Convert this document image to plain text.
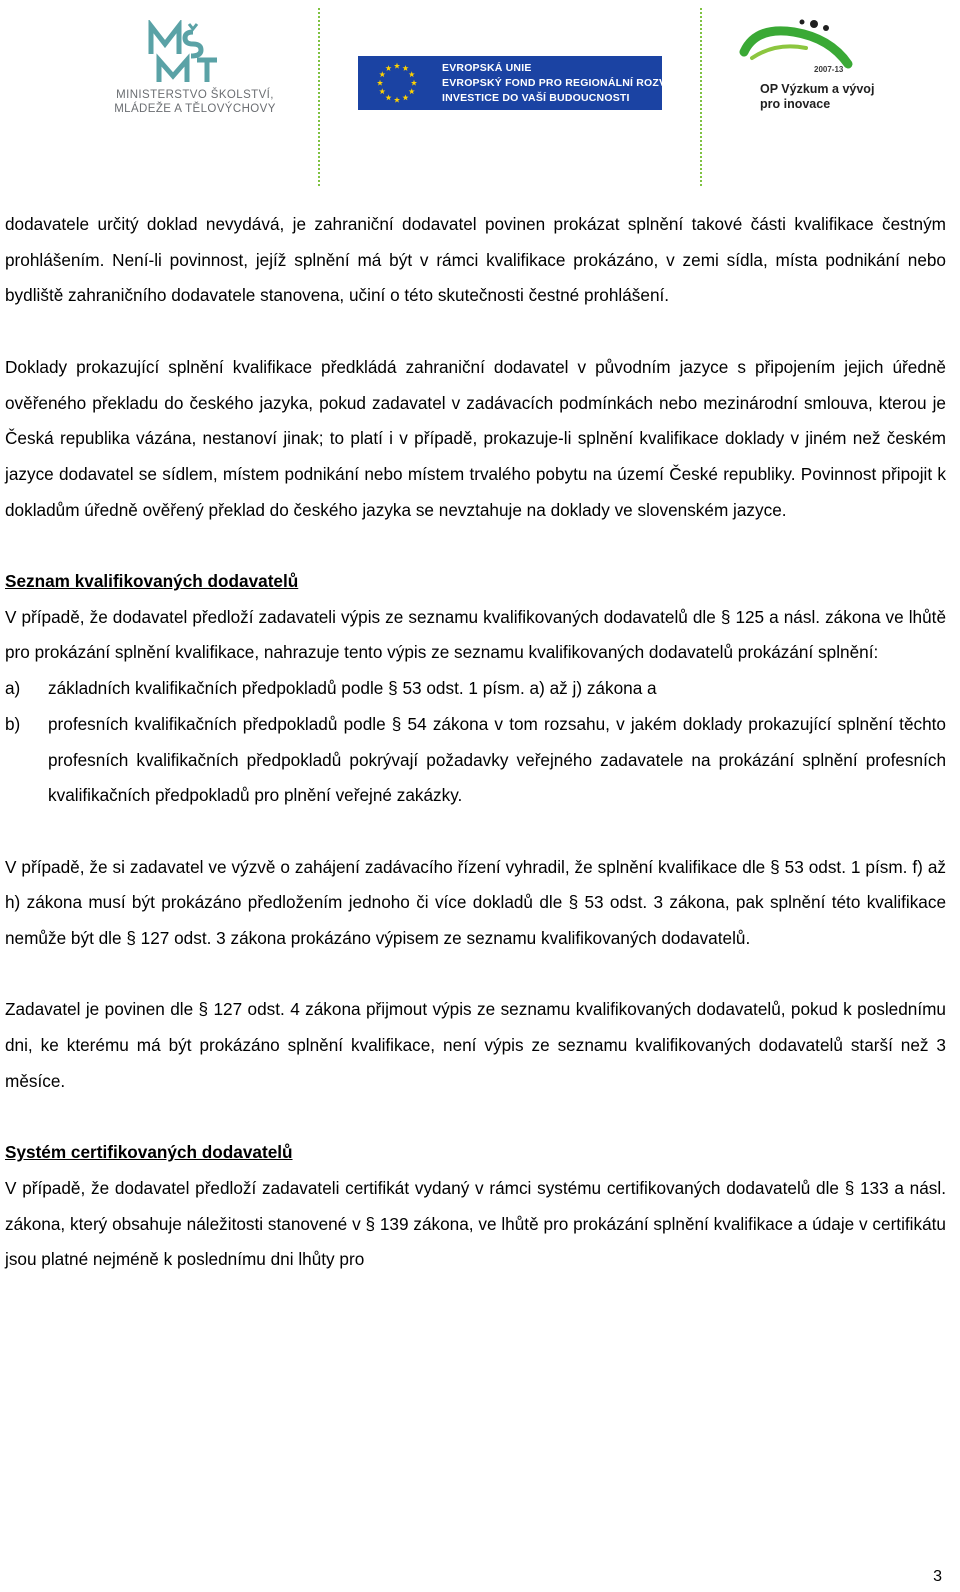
MINISTERSTVO ŠKOLSTVÍ,
MLÁDEŽE A TĚLOVÝCHOVY
EVROPSKÁ UNIE
EVROPSKÝ FOND PRO REGIONÁLNÍ ROZVOJ
INVESTICE DO VAŠÍ BUDOUCNOSTI
2007-13
OP Výzkum a vývoj
pro inovace

dodavatele určitý doklad nevydává, je zahraniční dodavatel povinen prokázat splnění takové části kvalifikace čestným prohlášením. Není-li povinnost, jejíž splnění má být v rámci kvalifikace prokázáno, v zemi sídla, místa podnikání nebo bydliště zahraničního dodavatele stanovena, učiní o této skutečnosti čestné prohlášení.

Doklady prokazující splnění kvalifikace předkládá zahraniční dodavatel v původním jazyce s připojením jejich úředně ověřeného překladu do českého jazyka, pokud zadavatel v zadávacích podmínkách nebo mezinárodní smlouva, kterou je Česká republika vázána, nestanoví jinak; to platí i v případě, prokazuje-li splnění kvalifikace doklady v jiném než českém jazyce dodavatel se sídlem, místem podnikání nebo místem trvalého pobytu na území České republiky. Povinnost připojit k dokladům úředně ověřený překlad do českého jazyka se nevztahuje na doklady ve slovenském jazyce.

Seznam kvalifikovaných dodavatelů

V případě, že dodavatel předloží zadavateli výpis ze seznamu kvalifikovaných dodavatelů dle § 125 a násl. zákona ve lhůtě pro prokázání splnění kvalifikace, nahrazuje tento výpis ze seznamu kvalifikovaných dodavatelů prokázání splnění:

a)	základních kvalifikačních předpokladů podle § 53 odst. 1 písm. a) až j) zákona a
b)	profesních kvalifikačních předpokladů podle § 54 zákona v tom rozsahu, v jakém doklady prokazující splnění těchto profesních kvalifikačních předpokladů pokrývají požadavky veřejného zadavatele na prokázání splnění profesních kvalifikačních předpokladů pro plnění veřejné zakázky.

V případě, že si zadavatel ve výzvě o zahájení zadávacího řízení vyhradil, že splnění kvalifikace dle § 53 odst. 1 písm. f) až h) zákona musí být prokázáno předložením jednoho či více dokladů dle § 53 odst. 3 zákona, pak splnění této kvalifikace nemůže být dle § 127 odst. 3 zákona prokázáno výpisem ze seznamu kvalifikovaných dodavatelů.

Zadavatel je povinen dle § 127 odst. 4 zákona přijmout výpis ze seznamu kvalifikovaných dodavatelů, pokud k poslednímu dni, ke kterému má být prokázáno splnění kvalifikace, není výpis ze seznamu kvalifikovaných dodavatelů starší než 3 měsíce.

Systém certifikovaných dodavatelů

V případě, že dodavatel předloží zadavateli certifikát vydaný v rámci systému certifikovaných dodavatelů dle § 133 a násl. zákona, který obsahuje náležitosti stanovené v § 139 zákona, ve lhůtě pro prokázání splnění kvalifikace a údaje v certifikátu jsou platné nejméně k poslednímu dni lhůty pro

3
